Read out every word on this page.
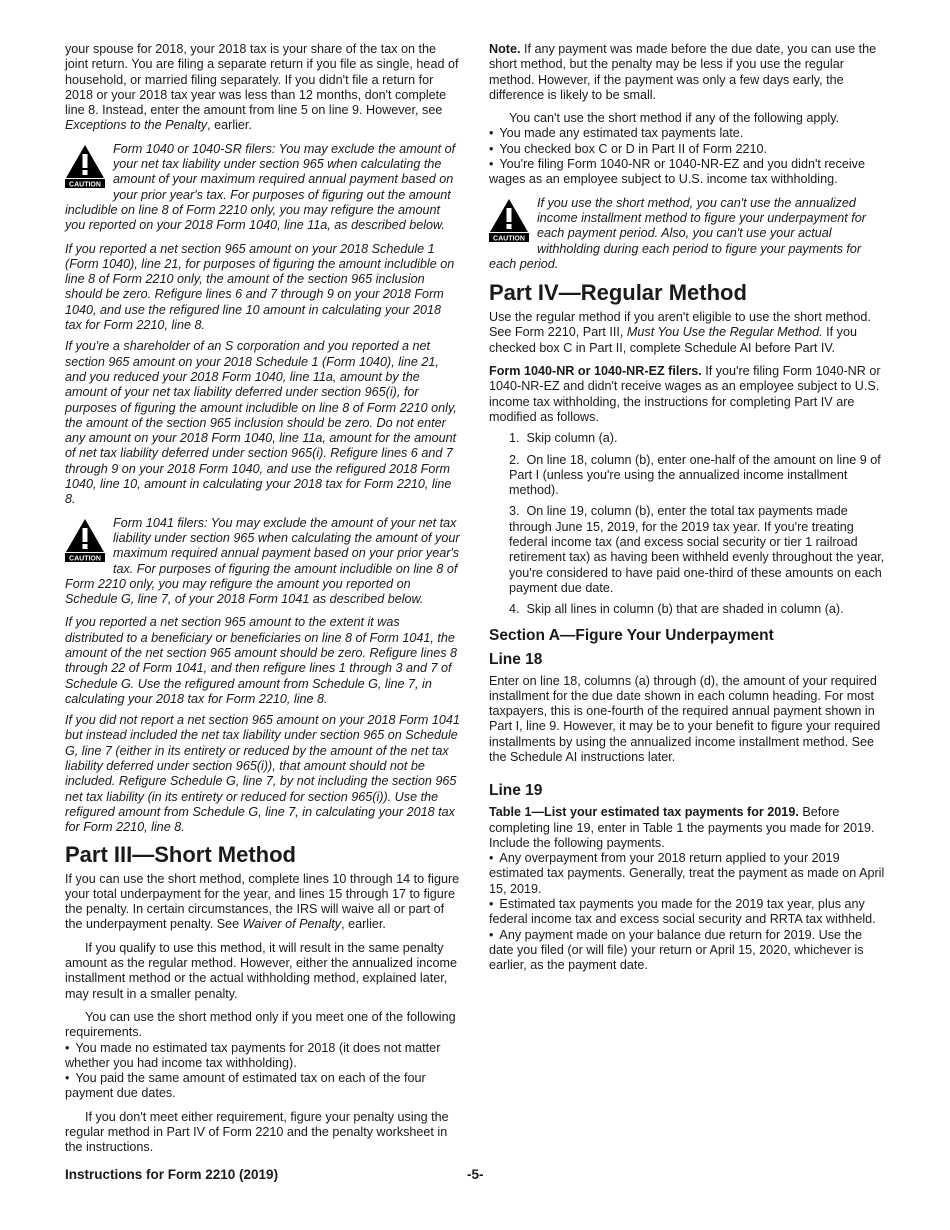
your spouse for 2018, your 2018 tax is your share of the tax on the joint return. You are filing a separate return if you file as single, head of household, or married filing separately. If you didn't file a return for 2018 or your 2018 tax year was less than 12 months, don't complete line 8. Instead, enter the amount from line 5 on line 9. However, see Exceptions to the Penalty, earlier.

CAUTION

Form 1040 or 1040-SR filers: You may exclude the amount of your net tax liability under section 965 when calculating the amount of your maximum required annual payment based on your prior year's tax. For purposes of figuring out the amount includible on line 8 of Form 2210 only, you may refigure the amount you reported on your 2018 Form 1040, line 11a, as described below.

If you reported a net section 965 amount on your 2018 Schedule 1 (Form 1040), line 21, for purposes of figuring the amount includible on line 8 of Form 2210 only, the amount of the section 965 inclusion should be zero. Refigure lines 6 and 7 through 9 on your 2018 Form 1040, and use the refigured line 10 amount in calculating your 2018 tax for Form 2210, line 8.

If you're a shareholder of an S corporation and you reported a net section 965 amount on your 2018 Schedule 1 (Form 1040), line 21, and you reduced your 2018 Form 1040, line 11a, amount by the amount of your net tax liability deferred under section 965(i), for purposes of figuring the amount includible on line 8 of Form 2210 only, the amount of the section 965 inclusion should be zero. Do not enter any amount on your 2018 Form 1040, line 11a, amount for the amount of net tax liability deferred under section 965(i). Refigure lines 6 and 7 through 9 on your 2018 Form 1040, and use the refigured 2018 Form 1040, line 10, amount in calculating your 2018 tax for Form 2210, line 8.

CAUTION

Form 1041 filers: You may exclude the amount of your net tax liability under section 965 when calculating the amount of your maximum required annual payment based on your prior year's tax. For purposes of figuring the amount includible on line 8 of Form 2210 only, you may refigure the amount you reported on Schedule G, line 7, of your 2018 Form 1041 as described below.

If you reported a net section 965 amount to the extent it was distributed to a beneficiary or beneficiaries on line 8 of Form 1041, the amount of the net section 965 amount should be zero. Refigure lines 8 through 22 of Form 1041, and then refigure lines 1 through 3 and 7 of Schedule G. Use the refigured amount from Schedule G, line 7, in calculating your 2018 tax for Form 2210, line 8.

If you did not report a net section 965 amount on your 2018 Form 1041 but instead included the net tax liability under section 965 on Schedule G, line 7 (either in its entirety or reduced by the amount of the net tax liability deferred under section 965(i)), that amount should not be included. Refigure Schedule G, line 7, by not including the section 965 net tax liability (in its entirety or reduced for section 965(i)). Use the refigured amount from Schedule G, line 7, in calculating your 2018 tax for Form 2210, line 8.

Part III—Short Method

If you can use the short method, complete lines 10 through 14 to figure your total underpayment for the year, and lines 15 through 17 to figure the penalty. In certain circumstances, the IRS will waive all or part of the underpayment penalty. See Waiver of Penalty, earlier.

If you qualify to use this method, it will result in the same penalty amount as the regular method. However, either the annualized income installment method or the actual withholding method, explained later, may result in a smaller penalty.

You can use the short method only if you meet one of the following requirements.

• You made no estimated tax payments for 2018 (it does not matter whether you had income tax withholding).

• You paid the same amount of estimated tax on each of the four payment due dates.

If you don't meet either requirement, figure your penalty using the regular method in Part IV of Form 2210 and the penalty worksheet in the instructions.

Note. If any payment was made before the due date, you can use the short method, but the penalty may be less if you use the regular method. However, if the payment was only a few days early, the difference is likely to be small.

You can't use the short method if any of the following apply.

• You made any estimated tax payments late.

• You checked box C or D in Part II of Form 2210.

• You're filing Form 1040-NR or 1040-NR-EZ and you didn't receive wages as an employee subject to U.S. income tax withholding.

CAUTION

If you use the short method, you can't use the annualized income installment method to figure your underpayment for each payment period. Also, you can't use your actual withholding during each period to figure your payments for each period.

Part IV—Regular Method

Use the regular method if you aren't eligible to use the short method. See Form 2210, Part III, Must You Use the Regular Method. If you checked box C in Part II, complete Schedule AI before Part IV.

Form 1040-NR or 1040-NR-EZ filers. If you're filing Form 1040-NR or 1040-NR-EZ and didn't receive wages as an employee subject to U.S. income tax withholding, the instructions for completing Part IV are modified as follows.

1.  Skip column (a).

2.  On line 18, column (b), enter one-half of the amount on line 9 of Part I (unless you're using the annualized income installment method).

3.  On line 19, column (b), enter the total tax payments made through June 15, 2019, for the 2019 tax year. If you're treating federal income tax (and excess social security or tier 1 railroad retirement tax) as having been withheld evenly throughout the year, you're considered to have paid one-third of these amounts on each payment due date.

4.  Skip all lines in column (b) that are shaded in column (a).

Section A—Figure Your Underpayment
Line 18

Enter on line 18, columns (a) through (d), the amount of your required installment for the due date shown in each column heading. For most taxpayers, this is one-fourth of the required annual payment shown in Part I, line 9. However, it may be to your benefit to figure your required installments by using the annualized income installment method. See the Schedule AI instructions later.

Line 19

Table 1—List your estimated tax payments for 2019. Before completing line 19, enter in Table 1 the payments you made for 2019. Include the following payments.

• Any overpayment from your 2018 return applied to your 2019 estimated tax payments. Generally, treat the payment as made on April 15, 2019.

• Estimated tax payments you made for the 2019 tax year, plus any federal income tax and excess social security and RRTA tax withheld.

• Any payment made on your balance due return for 2019. Use the date you filed (or will file) your return or April 15, 2020, whichever is earlier, as the payment date.

Instructions for Form 2210 (2019)	-5-
